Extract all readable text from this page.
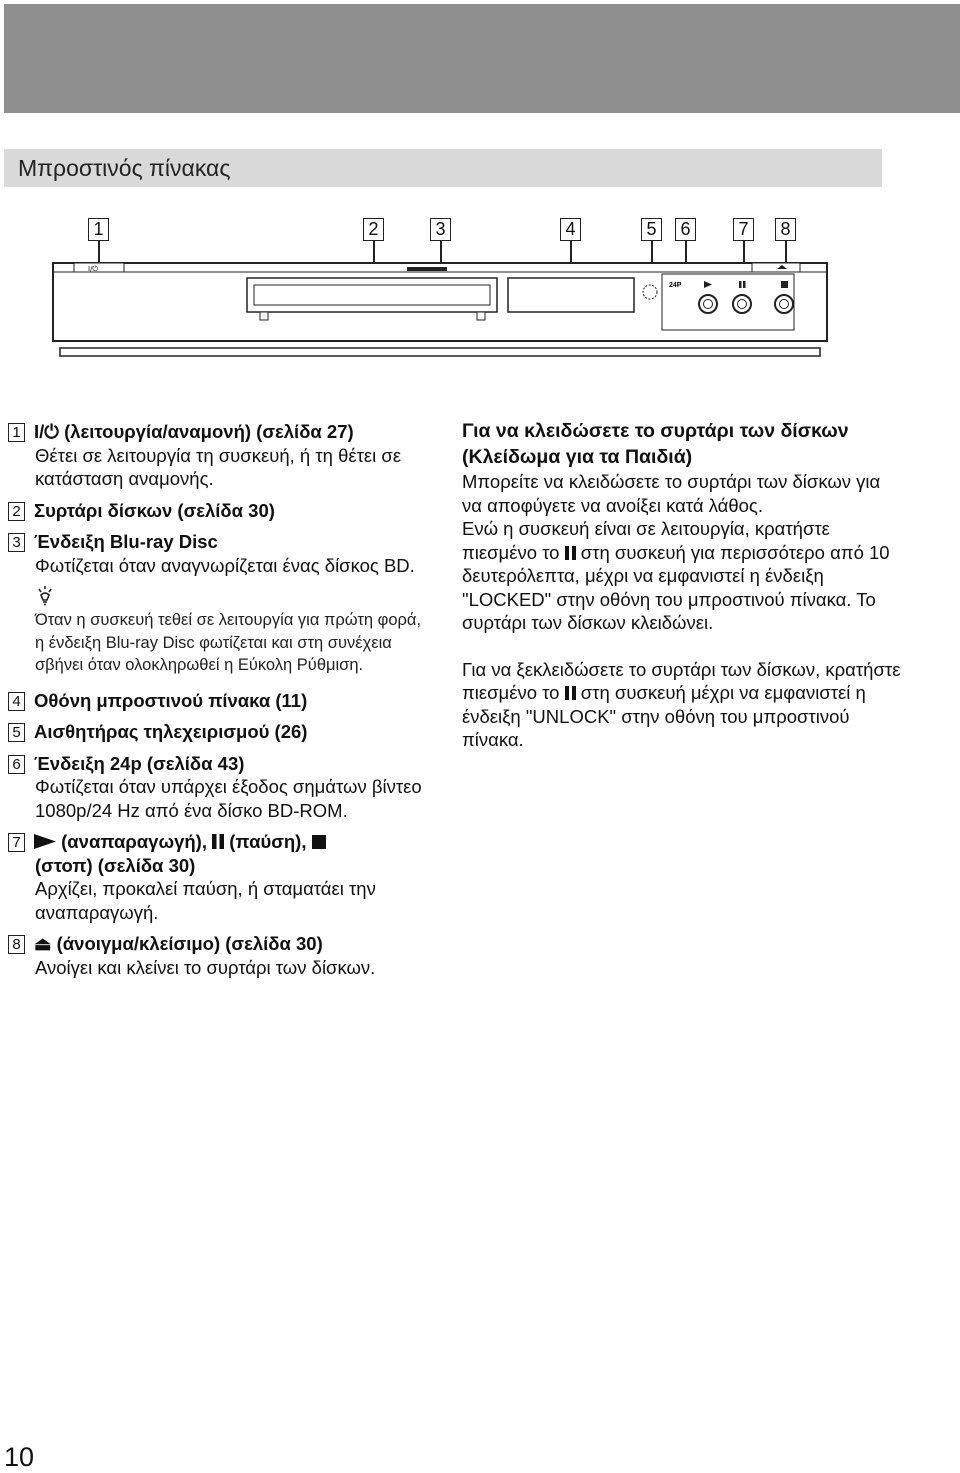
Μπροστινός πίνακας
1	2	3	4	5	6	7	8
I/⏻
24P
1 I/⏻ (λειτουργία/αναμονή) (σελίδα 27)
Θέτει σε λειτουργία τη συσκευή, ή τη θέτει σε κατάσταση αναμονής.
2 Συρτάρι δίσκων (σελίδα 30)
3 Ένδειξη Blu-ray Disc
Φωτίζεται όταν αναγνωρίζεται ένας δίσκος BD.
Όταν η συσκευή τεθεί σε λειτουργία για πρώτη φορά, η ένδειξη Blu-ray Disc φωτίζεται και στη συνέχεια σβήνει όταν ολοκληρωθεί η Εύκολη Ρύθμιση.
4 Οθόνη μπροστινού πίνακα (11)
5 Αισθητήρας τηλεχειρισμού (26)
6 Ένδειξη 24p (σελίδα 43)
Φωτίζεται όταν υπάρχει έξοδος σημάτων βίντεο 1080p/24 Hz από ένα δίσκο BD-ROM.
7 (αναπαραγωγή), (παύση),
(στοπ) (σελίδα 30)
Αρχίζει, προκαλεί παύση, ή σταματάει την αναπαραγωγή.
8 ⏏ (άνοιγμα/κλείσιμο) (σελίδα 30)
Ανοίγει και κλείνει το συρτάρι των δίσκων.
Για να κλειδώσετε το συρτάρι των δίσκων (Κλείδωμα για τα Παιδιά)
Μπορείτε να κλειδώσετε το συρτάρι των δίσκων για να αποφύγετε να ανοίξει κατά λάθος.
Ενώ η συσκευή είναι σε λειτουργία, κρατήστε πιεσμένο το στη συσκευή για περισσότερο από 10 δευτερόλεπτα, μέχρι να εμφανιστεί η ένδειξη "LOCKED" στην οθόνη του μπροστινού πίνακα. Το συρτάρι των δίσκων κλειδώνει.
Για να ξεκλειδώσετε το συρτάρι των δίσκων, κρατήστε πιεσμένο το στη συσκευή μέχρι να εμφανιστεί η ένδειξη "UNLOCK" στην οθόνη του μπροστινού πίνακα.
10
